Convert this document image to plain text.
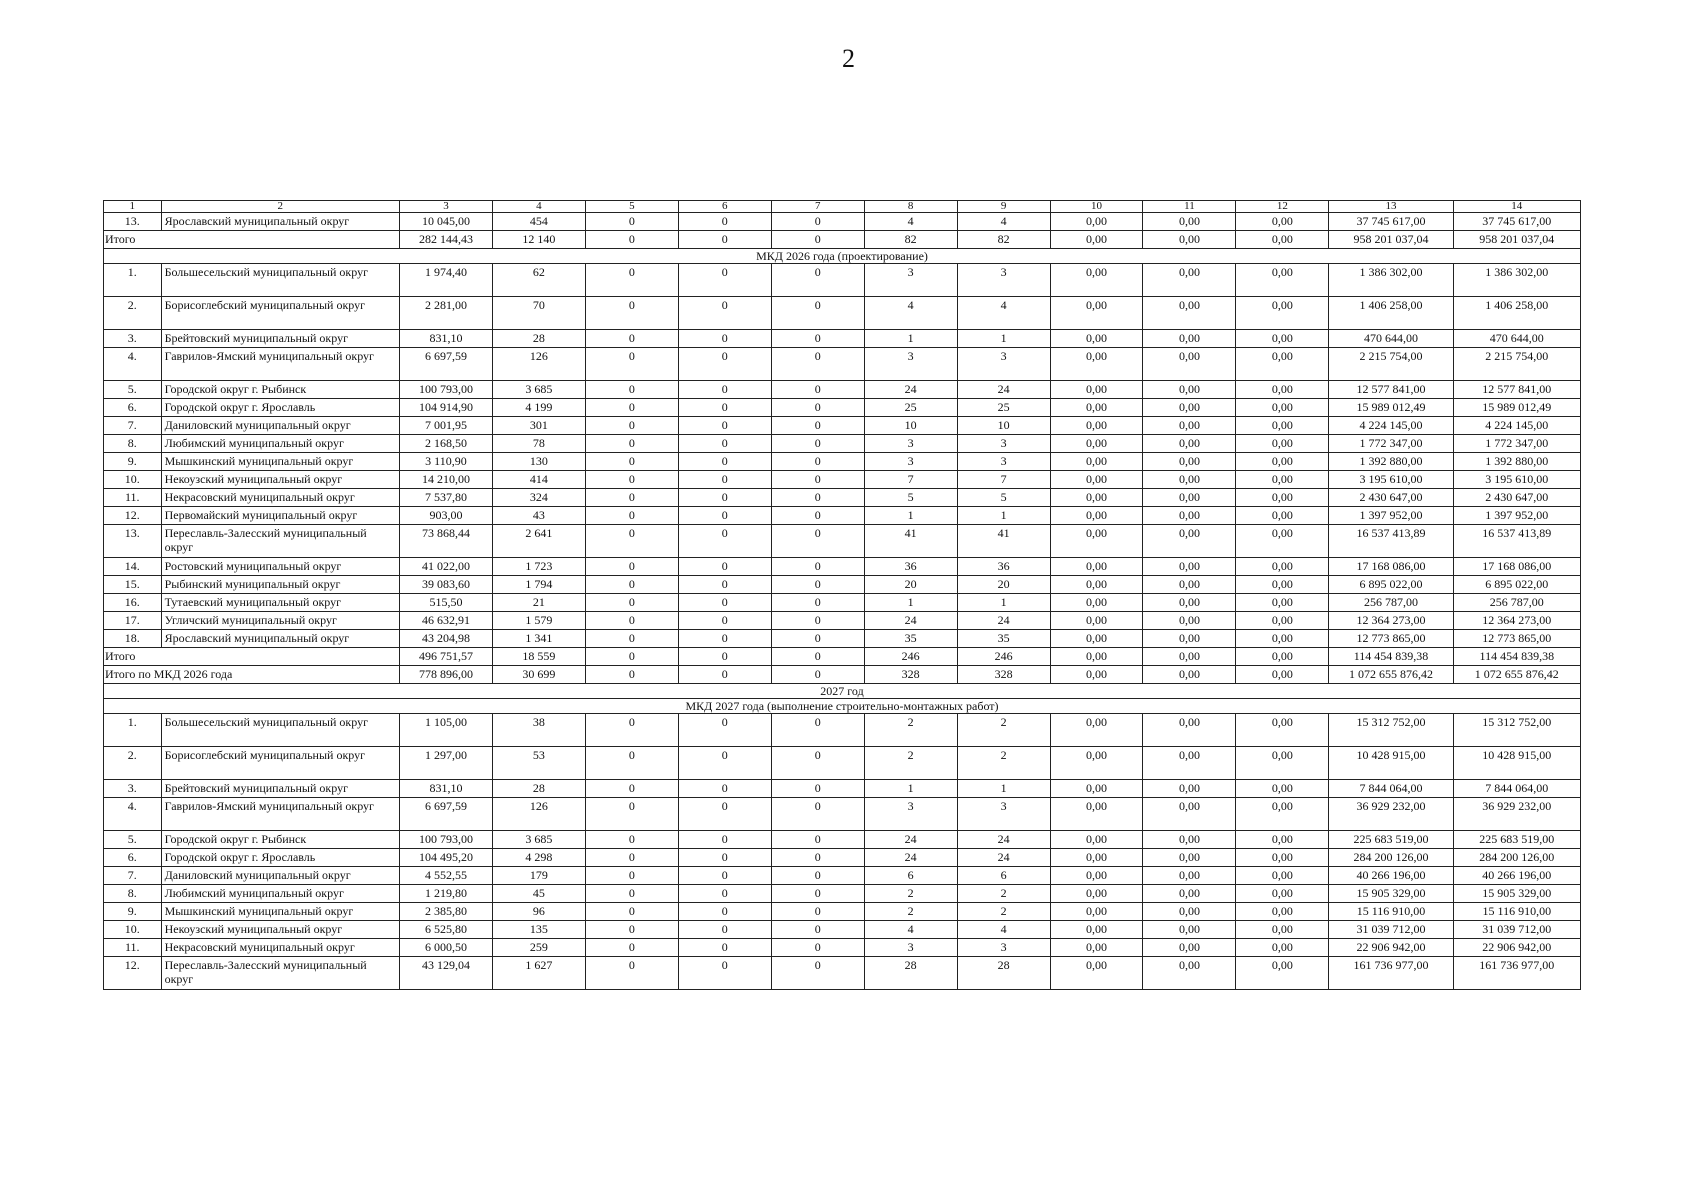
2
1	2	3	4	5	6	7	8	9	10	11	12	13	14
13.	Ярославский муниципальный округ	10 045,00	454	0	0	0	4	4	0,00	0,00	0,00	37 745 617,00	37 745 617,00
Итого		282 144,43	12 140	0	0	0	82	82	0,00	0,00	0,00	958 201 037,04	958 201 037,04
МКД 2026 года (проектирование)													
1.	Большесельский муниципальный округ	1 974,40	62	0	0	0	3	3	0,00	0,00	0,00	1 386 302,00	1 386 302,00
2.	Борисоглебский муниципальный округ	2 281,00	70	0	0	0	4	4	0,00	0,00	0,00	1 406 258,00	1 406 258,00
3.	Брейтовский муниципальный округ	831,10	28	0	0	0	1	1	0,00	0,00	0,00	470 644,00	470 644,00
4.	Гаврилов-Ямский муниципальный округ	6 697,59	126	0	0	0	3	3	0,00	0,00	0,00	2 215 754,00	2 215 754,00
5.	Городской округ г. Рыбинск	100 793,00	3 685	0	0	0	24	24	0,00	0,00	0,00	12 577 841,00	12 577 841,00
6.	Городской округ г. Ярославль	104 914,90	4 199	0	0	0	25	25	0,00	0,00	0,00	15 989 012,49	15 989 012,49
7.	Даниловский муниципальный округ	7 001,95	301	0	0	0	10	10	0,00	0,00	0,00	4 224 145,00	4 224 145,00
8.	Любимский муниципальный округ	2 168,50	78	0	0	0	3	3	0,00	0,00	0,00	1 772 347,00	1 772 347,00
9.	Мышкинский муниципальный округ	3 110,90	130	0	0	0	3	3	0,00	0,00	0,00	1 392 880,00	1 392 880,00
10.	Некоузский муниципальный округ	14 210,00	414	0	0	0	7	7	0,00	0,00	0,00	3 195 610,00	3 195 610,00
11.	Некрасовский муниципальный округ	7 537,80	324	0	0	0	5	5	0,00	0,00	0,00	2 430 647,00	2 430 647,00
12.	Первомайский муниципальный округ	903,00	43	0	0	0	1	1	0,00	0,00	0,00	1 397 952,00	1 397 952,00
13.	Переславль-Залесский муниципальный округ	73 868,44	2 641	0	0	0	41	41	0,00	0,00	0,00	16 537 413,89	16 537 413,89
14.	Ростовский муниципальный округ	41 022,00	1 723	0	0	0	36	36	0,00	0,00	0,00	17 168 086,00	17 168 086,00
15.	Рыбинский муниципальный округ	39 083,60	1 794	0	0	0	20	20	0,00	0,00	0,00	6 895 022,00	6 895 022,00
16.	Тутаевский муниципальный округ	515,50	21	0	0	0	1	1	0,00	0,00	0,00	256 787,00	256 787,00
17.	Угличский муниципальный округ	46 632,91	1 579	0	0	0	24	24	0,00	0,00	0,00	12 364 273,00	12 364 273,00
18.	Ярославский муниципальный округ	43 204,98	1 341	0	0	0	35	35	0,00	0,00	0,00	12 773 865,00	12 773 865,00
Итого		496 751,57	18 559	0	0	0	246	246	0,00	0,00	0,00	114 454 839,38	114 454 839,38
Итого по МКД 2026 года		778 896,00	30 699	0	0	0	328	328	0,00	0,00	0,00	1 072 655 876,42	1 072 655 876,42
2027 год													
МКД 2027 года (выполнение строительно-монтажных работ)													
1.	Большесельский муниципальный округ	1 105,00	38	0	0	0	2	2	0,00	0,00	0,00	15 312 752,00	15 312 752,00
2.	Борисоглебский муниципальный округ	1 297,00	53	0	0	0	2	2	0,00	0,00	0,00	10 428 915,00	10 428 915,00
3.	Брейтовский муниципальный округ	831,10	28	0	0	0	1	1	0,00	0,00	0,00	7 844 064,00	7 844 064,00
4.	Гаврилов-Ямский муниципальный округ	6 697,59	126	0	0	0	3	3	0,00	0,00	0,00	36 929 232,00	36 929 232,00
5.	Городской округ г. Рыбинск	100 793,00	3 685	0	0	0	24	24	0,00	0,00	0,00	225 683 519,00	225 683 519,00
6.	Городской округ г. Ярославль	104 495,20	4 298	0	0	0	24	24	0,00	0,00	0,00	284 200 126,00	284 200 126,00
7.	Даниловский муниципальный округ	4 552,55	179	0	0	0	6	6	0,00	0,00	0,00	40 266 196,00	40 266 196,00
8.	Любимский муниципальный округ	1 219,80	45	0	0	0	2	2	0,00	0,00	0,00	15 905 329,00	15 905 329,00
9.	Мышкинский муниципальный округ	2 385,80	96	0	0	0	2	2	0,00	0,00	0,00	15 116 910,00	15 116 910,00
10.	Некоузский муниципальный округ	6 525,80	135	0	0	0	4	4	0,00	0,00	0,00	31 039 712,00	31 039 712,00
11.	Некрасовский муниципальный округ	6 000,50	259	0	0	0	3	3	0,00	0,00	0,00	22 906 942,00	22 906 942,00
12.	Переславль-Залесский муниципальный округ	43 129,04	1 627	0	0	0	28	28	0,00	0,00	0,00	161 736 977,00	161 736 977,00
